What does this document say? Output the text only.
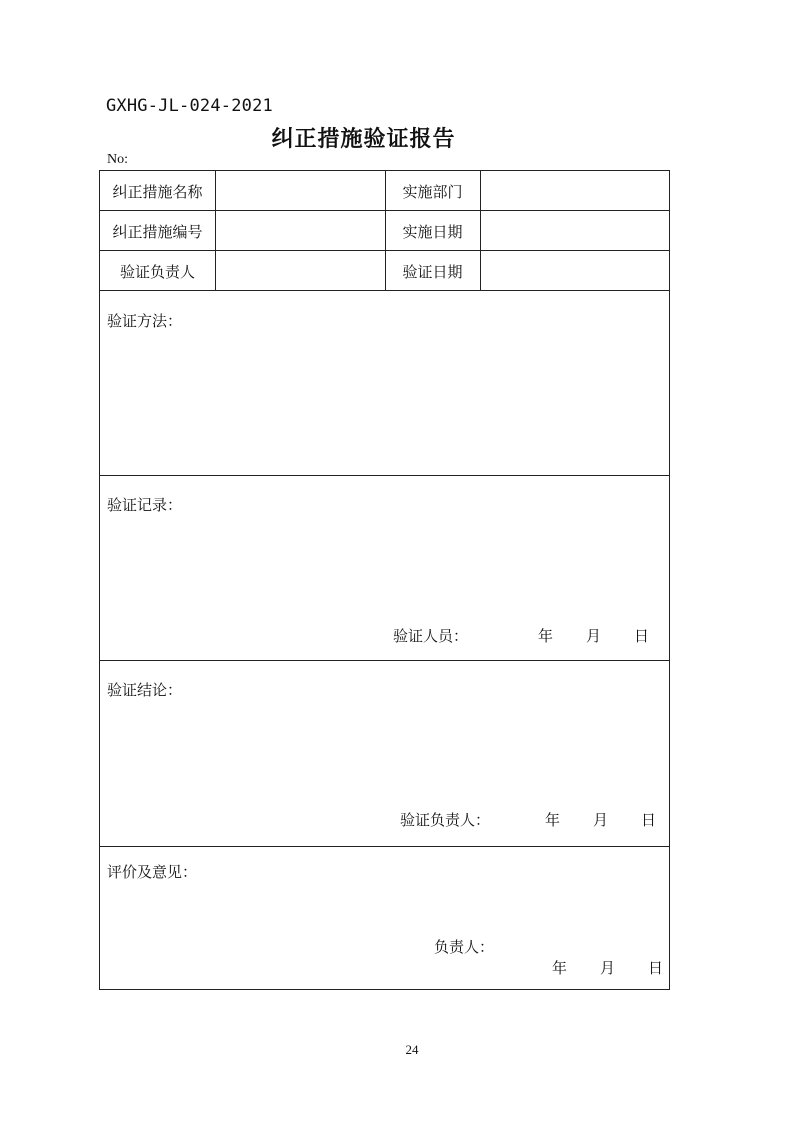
GXHG-JL-024-2021
纠正措施验证报告
No:
纠正措施名称	实施部门
纠正措施编号	实施日期
验证负责人	验证日期
验证方法：
验证记录：
验证人员：	年 月 日
验证结论：
验证负责人：	年 月 日
评价及意见：
负责人：
年 月 日
24
